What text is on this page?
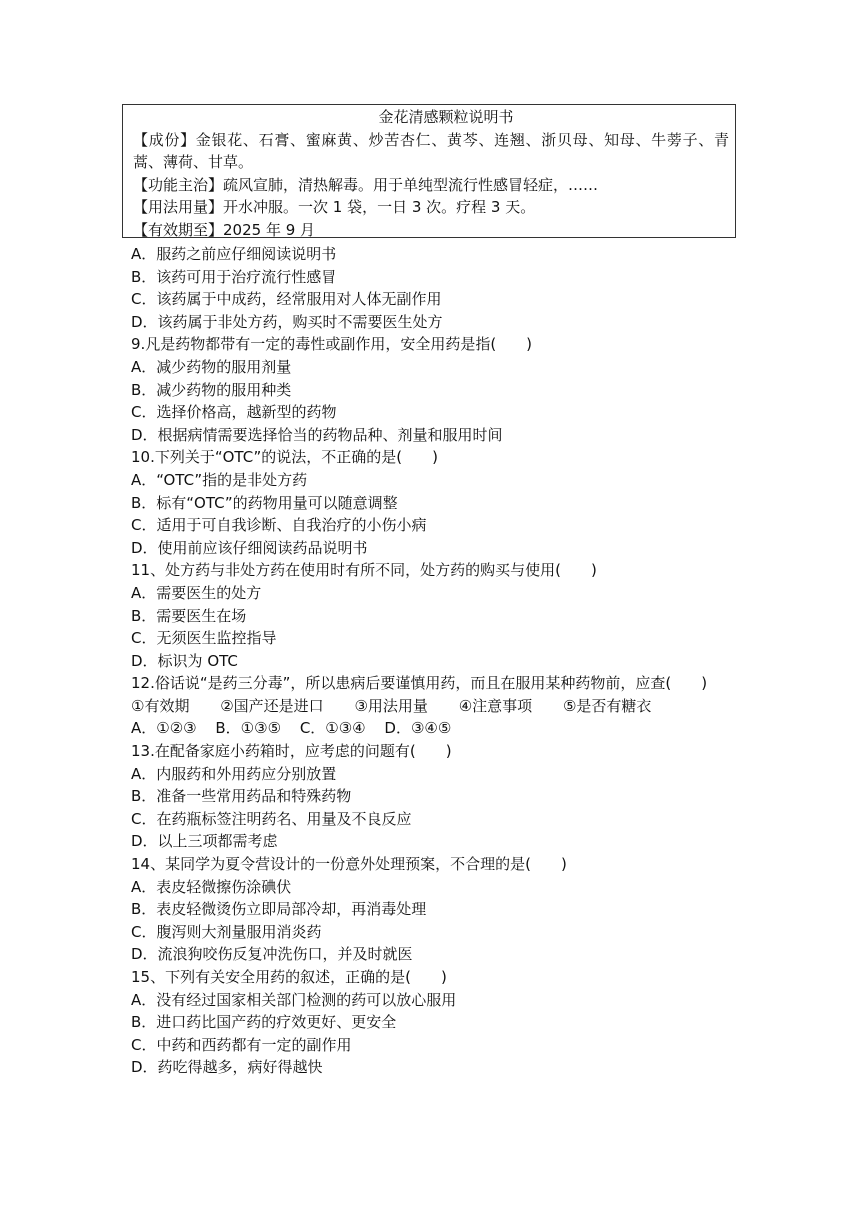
金花清感颗粒说明书
【成份】金银花、石膏、蜜麻黄、炒苦杏仁、黄芩、连翘、浙贝母、知母、牛蒡子、青蒿、薄荷、甘草。
【功能主治】疏风宣肺，清热解毒。用于单纯型流行性感冒轻症，……
【用法用量】开水冲服。一次 1 袋，一日 3 次。疗程 3 天。
【有效期至】2025 年 9 月
A．服药之前应仔细阅读说明书
B．该药可用于治疗流行性感冒
C．该药属于中成药，经常服用对人体无副作用
D．该药属于非处方药，购买时不需要医生处方
9.凡是药物都带有一定的毒性或副作用，安全用药是指(　　)
A．减少药物的服用剂量
B．减少药物的服用种类
C．选择价格高，越新型的药物
D．根据病情需要选择恰当的药物品种、剂量和服用时间
10.下列关于“OTC”的说法，不正确的是(　　)
A．“OTC”指的是非处方药
B．标有“OTC”的药物用量可以随意调整
C．适用于可自我诊断、自我治疗的小伤小病
D．使用前应该仔细阅读药品说明书
11、处方药与非处方药在使用时有所不同，处方药的购买与使用(　　)
A．需要医生的处方
B．需要医生在场
C．无须医生监控指导
D．标识为 OTC
12.俗话说“是药三分毒”，所以患病后要谨慎用药，而且在服用某种药物前，应查(　　)
①有效期 ②国产还是进口 ③用法用量 ④注意事项 ⑤是否有糖衣
A．①②③ B．①③⑤ C．①③④ D．③④⑤
13.在配备家庭小药箱时，应考虑的问题有(　　)
A．内服药和外用药应分别放置
B．准备一些常用药品和特殊药物
C．在药瓶标签注明药名、用量及不良反应
D．以上三项都需考虑
14、某同学为夏令营设计的一份意外处理预案，不合理的是(　　)
A．表皮轻微擦伤涂碘伏
B．表皮轻微烫伤立即局部冷却，再消毒处理
C．腹泻则大剂量服用消炎药
D．流浪狗咬伤反复冲洗伤口，并及时就医
15、下列有关安全用药的叙述，正确的是(　　)
A．没有经过国家相关部门检测的药可以放心服用
B．进口药比国产药的疗效更好、更安全
C．中药和西药都有一定的副作用
D．药吃得越多，病好得越快
